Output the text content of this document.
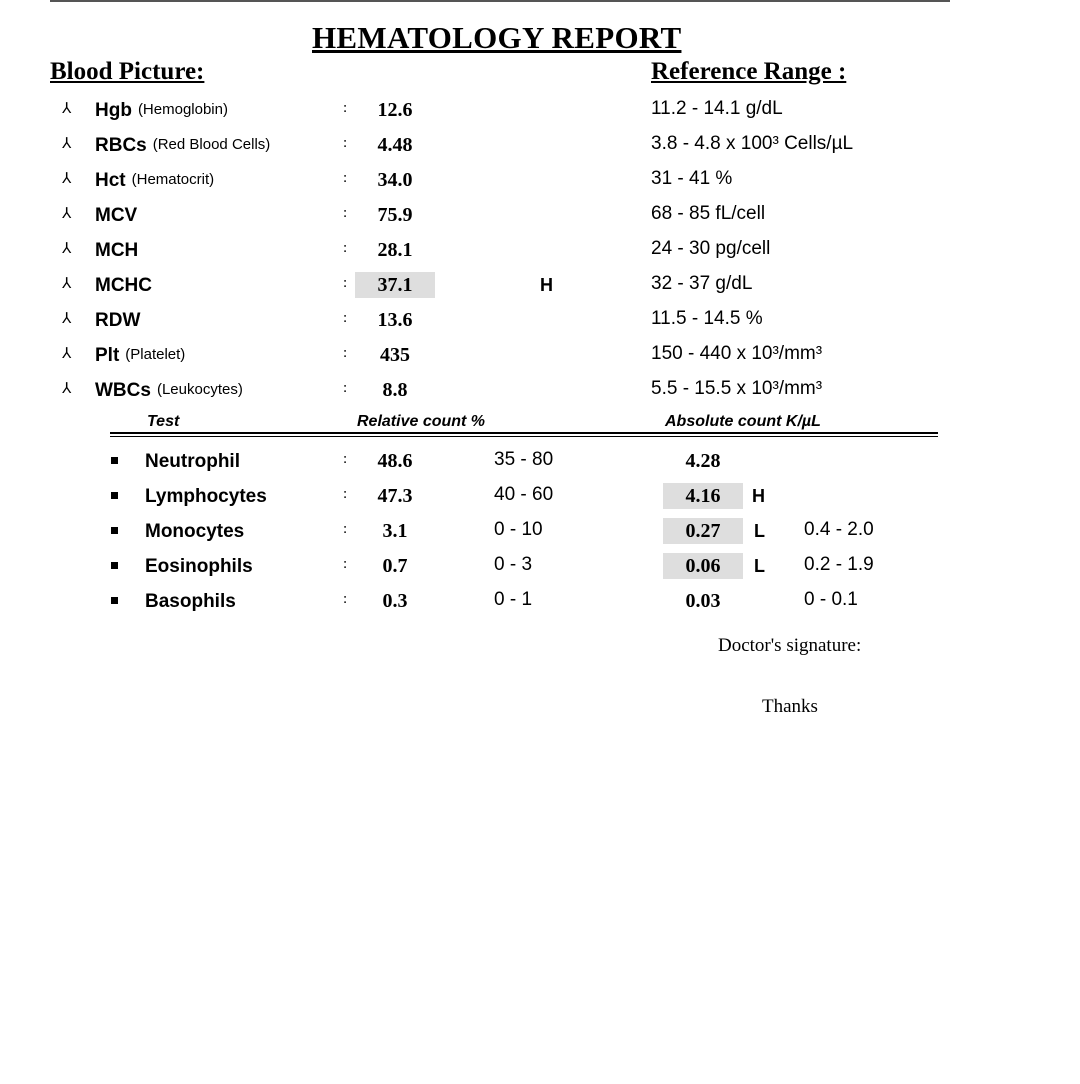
HEMATOLOGY REPORT
Blood Picture:	Reference Range :
⅄ Hgb (Hemoglobin)	:	12.6	11.2 - 14.1 g/dL
⅄ RBCs (Red Blood Cells)	:	4.48	3.8 - 4.8 x 100³ Cells/µL
⅄ Hct (Hematocrit)	:	34.0	31 - 41 %
⅄ MCV	:	75.9	68 - 85 fL/cell
⅄ MCH	:	28.1	24 - 30 pg/cell
⅄ MCHC	:	37.1	H	32 - 37 g/dL
⅄ RDW	:	13.6	11.5 - 14.5 %
⅄ Plt (Platelet)	:	435	150 - 440 x 10³/mm³
⅄ WBCs (Leukocytes)	:	8.8	5.5 - 15.5 x 10³/mm³
Test	Relative count %	Absolute count K/µL
Neutrophil	:	48.6	35 - 80	4.28
Lymphocytes	:	47.3	40 - 60	4.16	H
Monocytes	:	3.1	0 - 10	0.27	L 0.4 - 2.0
Eosinophils	:	0.7	0 - 3	0.06	L 0.2 - 1.9
Basophils	:	0.3	0 - 1	0.03	0 - 0.1
Doctor's signature:
Thanks
